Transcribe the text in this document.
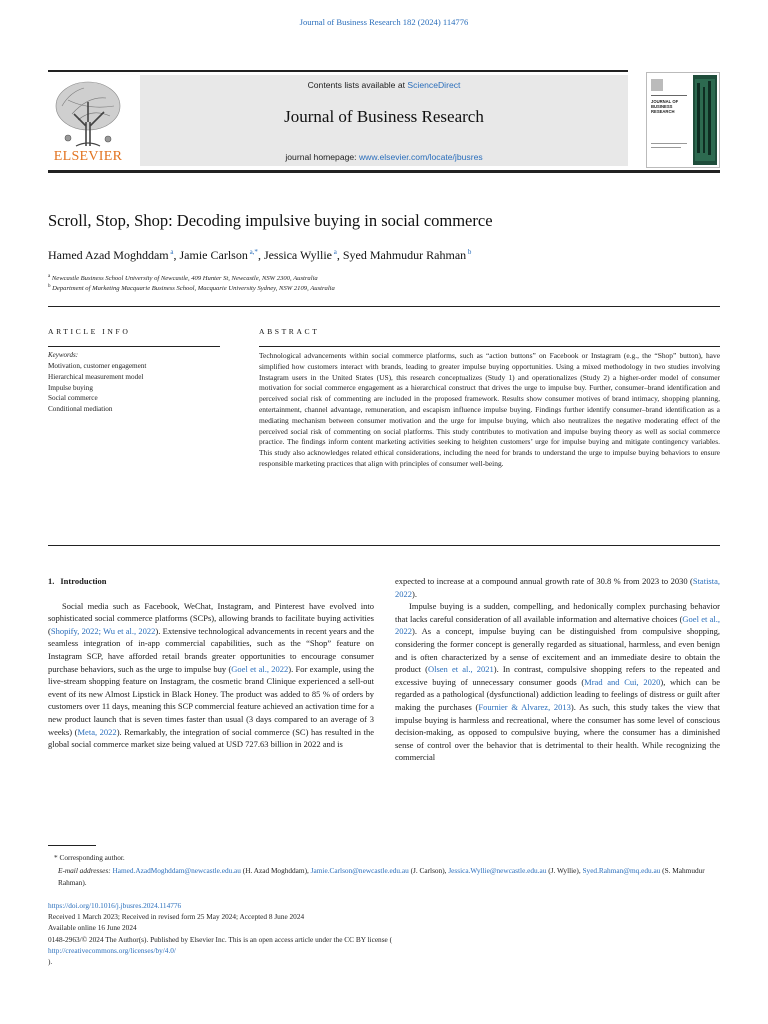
Journal of Business Research 182 (2024) 114776
Contents lists available at ScienceDirect
Journal of Business Research
journal homepage: www.elsevier.com/locate/jbusres
ELSEVIER
JOURNAL OF BUSINESS RESEARCH
Scroll, Stop, Shop: Decoding impulsive buying in social commerce
Hamed Azad Moghddam $^a$, Jamie Carlson $^{a,*}$, Jessica Wyllie $^a$, Syed Mahmudur Rahman $^b$
$^a$ Newcastle Business School University of Newcastle, 409 Hunter St, Newcastle, NSW 2300, Australia
$^b$ Department of Marketing Macquarie Business School, Macquarie University Sydney, NSW 2109, Australia
ARTICLE INFO
Keywords:
Motivation, customer engagement
Hierarchical measurement model
Impulse buying
Social commerce
Conditional mediation
ABSTRACT
Technological advancements within social commerce platforms, such as “action buttons” on Facebook or Instagram (e.g., the “Shop” button), have simplified how customers interact with brands, leading to greater impulse buying opportunities. Using a mixed methodology in two studies involving Instagram users in the United States (US), this research conceptualizes (Study 1) and operationalizes (Study 2) a higher-order model of consumer motivation for social commerce engagement as a hierarchical construct that drives the urge to impulse buy. Further, consumer–brand identification and perceived social risk of commenting are included in the proposed framework. Results show consumer motives of brand intimacy, shopping planning, entertainment, channel advantage, remuneration, and escapism influence impulse buying. Findings further identify consumer–brand identification as a mediating mechanism between consumer motivation and the urge for impulse buying, which also neutralizes the negative moderating effect of the perceived social risk of commenting on social platforms. This study contributes to motivation and impulse buying theory as well as social commerce practice. The findings inform content marketing activities seeking to heighten customers’ urge for impulse buying and mitigate contingency variables. This study also acknowledges related ethical considerations, including the need for brands to understand the urge to impulse buying behaviors to ensure responsible marketing practices that align with principles of consumer well-being.
1. Introduction

Social media such as Facebook, WeChat, Instagram, and Pinterest have evolved into sophisticated social commerce platforms (SCPs), allowing brands to facilitate buying activities (Shopify, 2022; Wu et al., 2022). Extensive technological advancements in recent years and the seamless integration of in-app commercial capabilities, such as the “Shop” feature on Instagram SCP, have afforded retail brands greater opportunities to encourage consumer purchase behaviors, such as the urge to impulse buy (Goel et al., 2022). For example, using the live-stream shopping feature on Instagram, the cosmetic brand Clinique experienced a sell-out event of its new Almost Lipstick in Black Honey. The product was added to 85 % of orders by customers over 11 days, meaning this SCP commercial feature achieved an activation time for a new product launch that is seven times faster than usual (3 days compared to an average of 3 weeks) (Meta, 2022). Remarkably, the integration of social commerce (SC) has resulted in the global social commerce market size being valued at USD 727.63 billion in 2022 and is

expected to increase at a compound annual growth rate of 30.8 % from 2023 to 2030 (Statista, 2022).

Impulse buying is a sudden, compelling, and hedonically complex purchasing behavior that lacks careful consideration of all available information and alternative choices (Goel et al., 2022). As a concept, impulse buying can be distinguished from compulsive shopping, considering the former concept is generally regarded as situational, harmless, and even benign and is often characterized by a sense of excitement and an immediate desire to obtain the product (Olsen et al., 2021). In contrast, compulsive shopping refers to the repeated and excessive buying of unnecessary consumer goods (Mrad and Cui, 2020), which can be regarded as a pathological (dysfunctional) addiction leading to feelings of distress or guilt after making the purchases (Fournier & Alvarez, 2013). As such, this study takes the view that impulse buying is harmless and recreational, where the consumer has some level of conscious decision-making, as opposed to compulsive buying, where the consumer has a diminished sense of control over the behavior that is detrimental to their health. While recognizing the commercial

* Corresponding author.
E-mail addresses: Hamed.AzadMoghddam@newcastle.edu.au (H. Azad Moghddam), Jamie.Carlson@newcastle.edu.au (J. Carlson), Jessica.Wyllie@newcastle.edu.au (J. Wyllie), Syed.Rahman@mq.edu.au (S. Mahmudur Rahman).
https://doi.org/10.1016/j.jbusres.2024.114776
Received 1 March 2023; Received in revised form 25 May 2024; Accepted 8 June 2024
Available online 16 June 2024
0148-2963/© 2024 The Author(s). Published by Elsevier Inc. This is an open access article under the CC BY license (
http://creativecommons.org/licenses/by/4.0/
).
